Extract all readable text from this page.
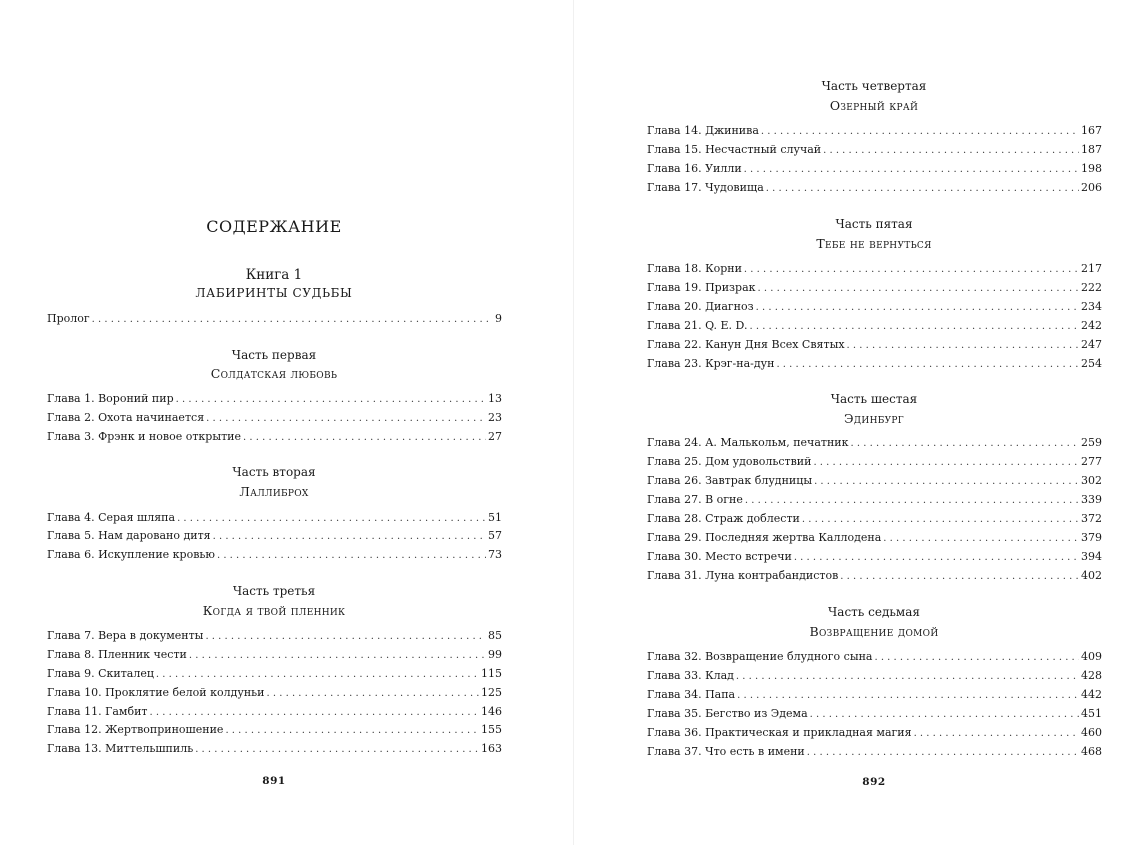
СОДЕРЖАНИЕ
Книга 1
ЛАБИРИНТЫ СУДЬБЫ
Пролог . . .	9
Часть первая
Солдатская любовь
Глава 1. Вороний пир . . .	13
Глава 2. Охота начинается . . .	23
Глава 3. Фрэнк и новое открытие . . .	27
Часть вторая
Лаллиброх
Глава 4. Серая шляпа . . .	51
Глава 5. Нам даровано дитя . . .	57
Глава 6. Искупление кровью . . .	73
Часть третья
Когда я твой пленник
Глава 7. Вера в документы . . .	85
Глава 8. Пленник чести . . .	99
Глава 9. Скиталец . . .	115
Глава 10. Проклятие белой колдуньи . . .	125
Глава 11. Гамбит . . .	146
Глава 12. Жертвоприношение . . .	155
Глава 13. Миттельшпиль . . .	163
891
Часть четвертая
Озерный край
Глава 14. Джинива . . .	167
Глава 15. Несчастный случай . . .	187
Глава 16. Уилли . . .	198
Глава 17. Чудовища . . .	206
Часть пятая
Тебе не вернуться
Глава 18. Корни . . .	217
Глава 19. Призрак . . .	222
Глава 20. Диагноз . . .	234
Глава 21. Q. E. D. . . .	242
Глава 22. Канун Дня Всех Святых . . .	247
Глава 23. Крэг-на-дун . . .	254
Часть шестая
Эдинбург
Глава 24. А. Малькольм, печатник . . .	259
Глава 25. Дом удовольствий . . .	277
Глава 26. Завтрак блудницы . . .	302
Глава 27. В огне . . .	339
Глава 28. Страж доблести . . .	372
Глава 29. Последняя жертва Каллодена . . .	379
Глава 30. Место встречи . . .	394
Глава 31. Луна контрабандистов . . .	402
Часть седьмая
Возвращение домой
Глава 32. Возвращение блудного сына . . .	409
Глава 33. Клад . . .	428
Глава 34. Папа . . .	442
Глава 35. Бегство из Эдема . . .	451
Глава 36. Практическая и прикладная магия . . .	460
Глава 37. Что есть в имени . . .	468
892
